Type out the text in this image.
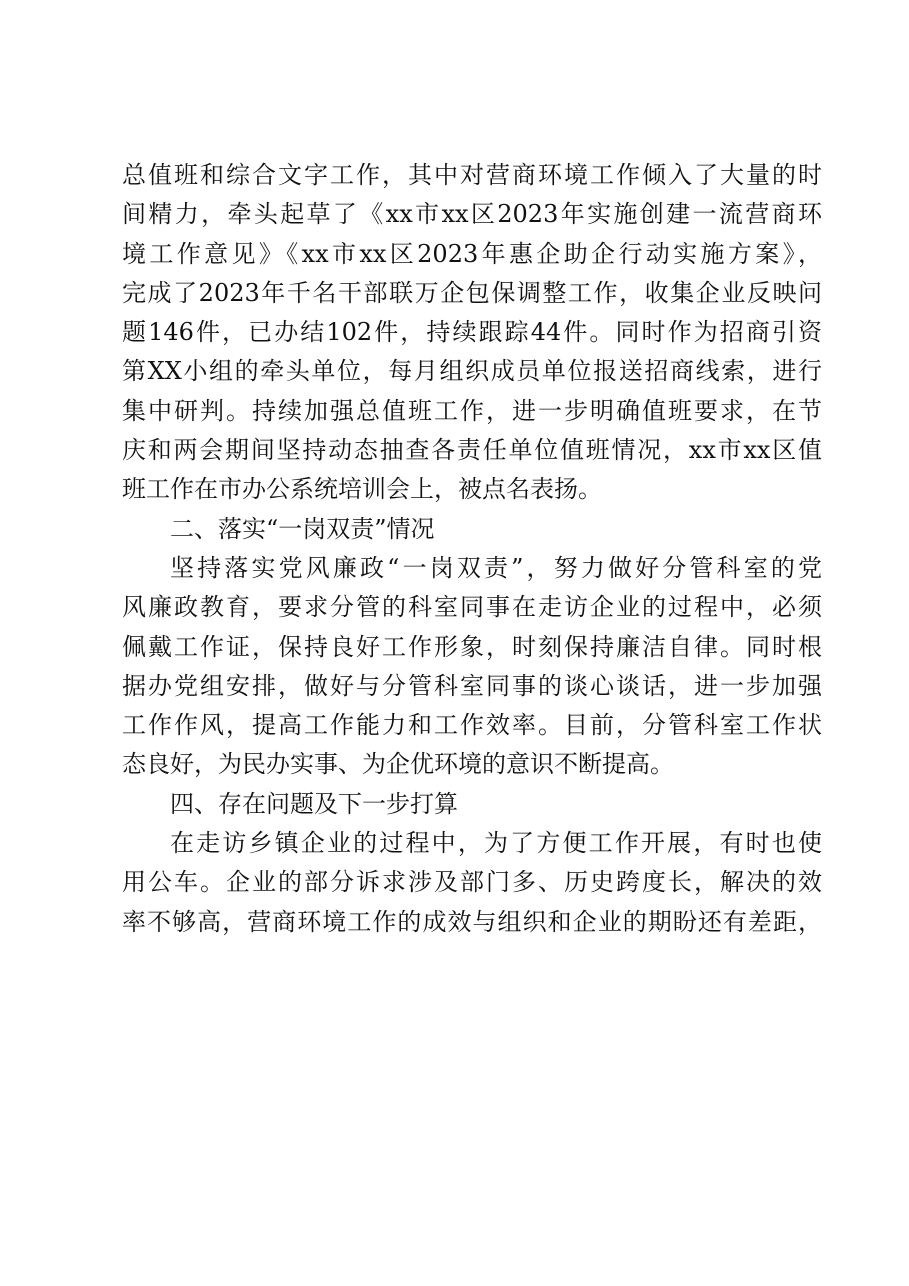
总值班和综合文字工作，其中对营商环境工作倾入了大量的时
间精力，牵头起草了《xx市xx区2023年实施创建一流营商环
境工作意见》《xx市xx区2023年惠企助企行动实施方案》，
完成了2023年千名干部联万企包保调整工作，收集企业反映问
题146件，已办结102件，持续跟踪44件。同时作为招商引资
第XX小组的牵头单位，每月组织成员单位报送招商线索，进行
集中研判。持续加强总值班工作，进一步明确值班要求，在节
庆和两会期间坚持动态抽查各责任单位值班情况，xx市xx区值
班工作在市办公系统培训会上，被点名表扬。
二、落实“一岗双责”情况
坚持落实党风廉政“一岗双责”，努力做好分管科室的党
风廉政教育，要求分管的科室同事在走访企业的过程中，必须
佩戴工作证，保持良好工作形象，时刻保持廉洁自律。同时根
据办党组安排，做好与分管科室同事的谈心谈话，进一步加强
工作作风，提高工作能力和工作效率。目前，分管科室工作状
态良好，为民办实事、为企优环境的意识不断提高。
四、存在问题及下一步打算
在走访乡镇企业的过程中，为了方便工作开展，有时也使
用公车。企业的部分诉求涉及部门多、历史跨度长，解决的效
率不够高，营商环境工作的成效与组织和企业的期盼还有差距，
